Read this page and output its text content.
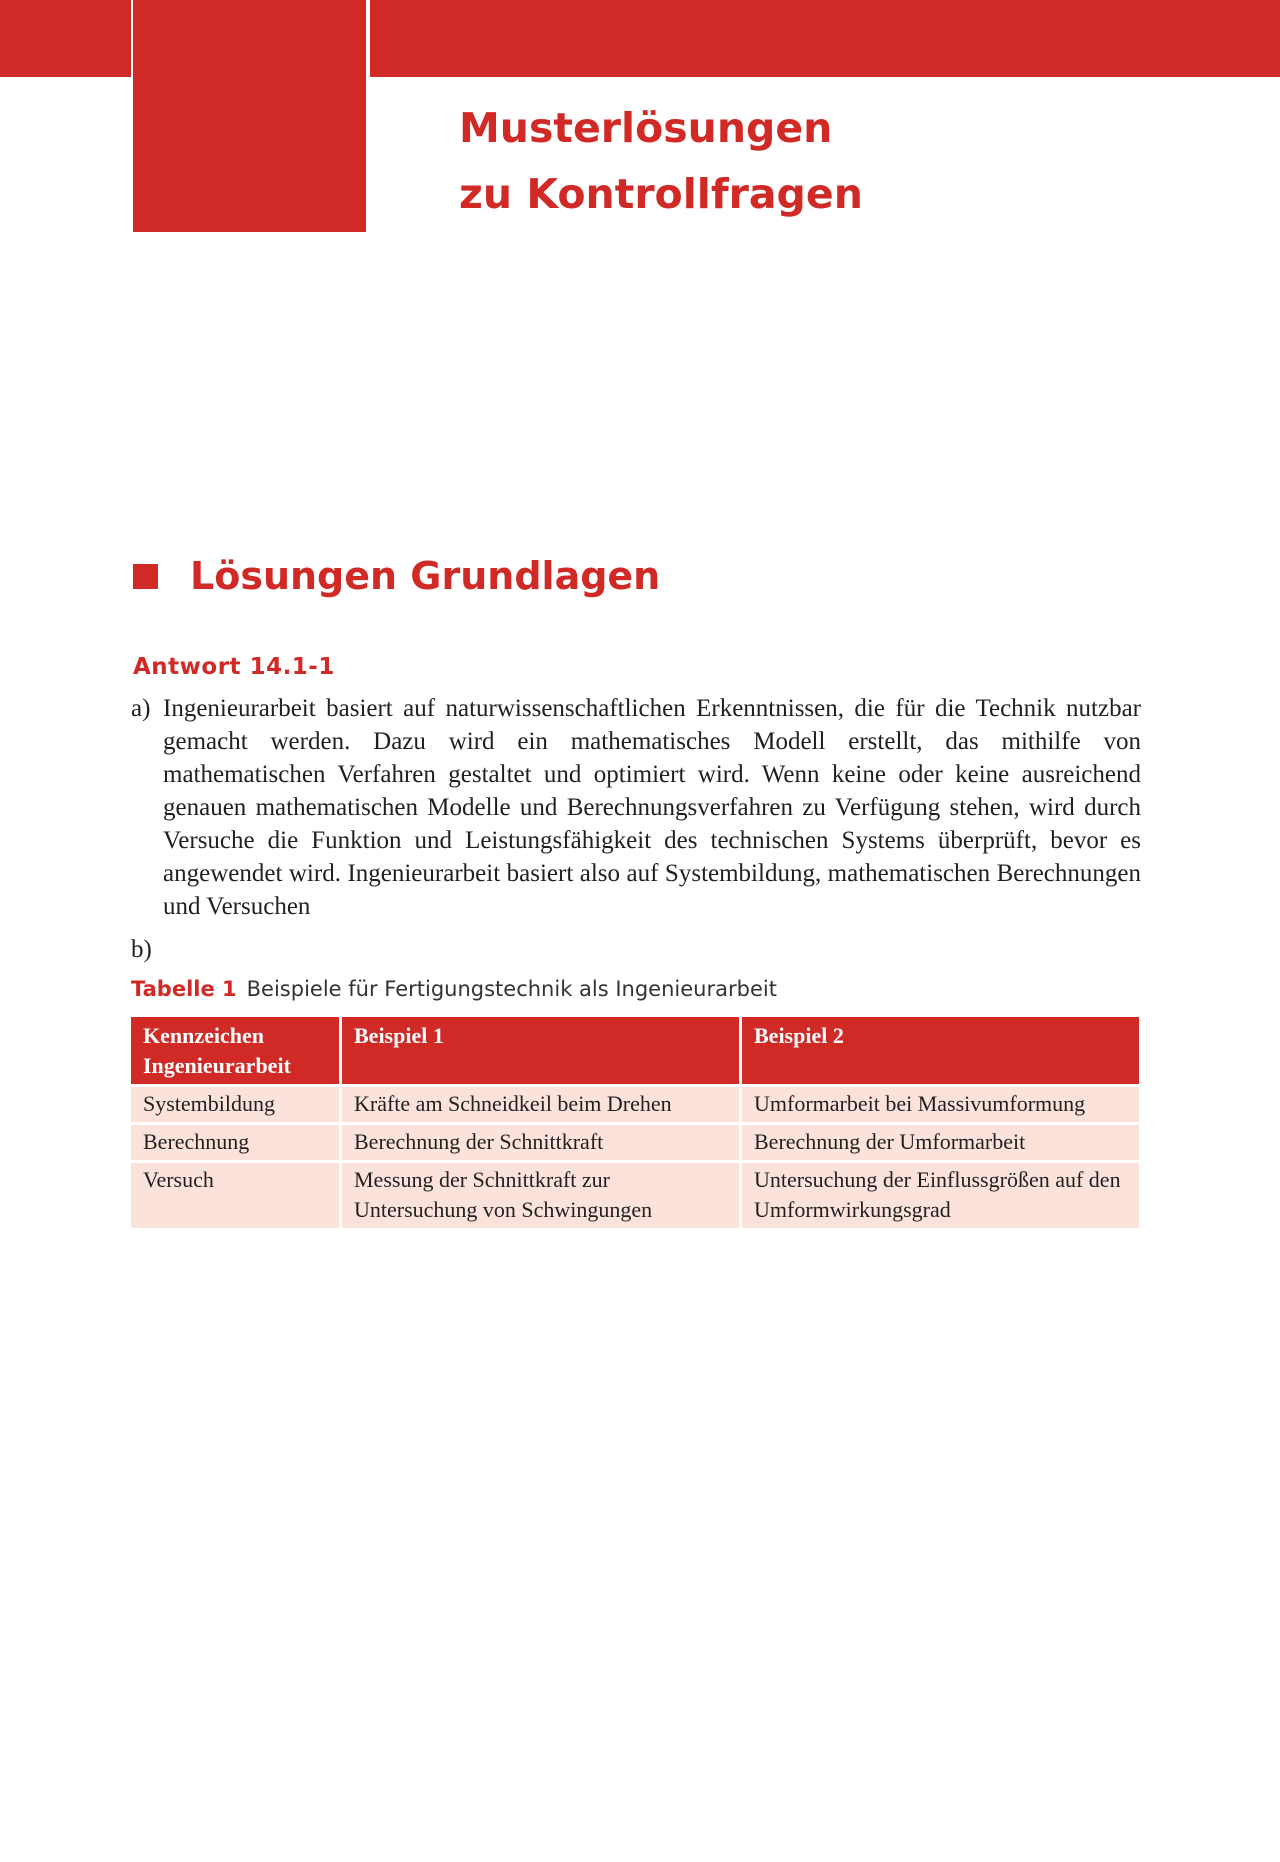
Musterlösungen
zu Kontrollfragen
Lösungen Grundlagen
Antwort 14.1-1
a) Ingenieurarbeit basiert auf naturwissenschaftlichen Erkenntnissen, die für die Technik nutzbar gemacht werden. Dazu wird ein mathematisches Modell erstellt, das mithilfe von mathematischen Verfahren gestaltet und optimiert wird. Wenn keine oder keine ausreichend genauen mathematischen Modelle und Berechnungsverfahren zu Verfügung stehen, wird durch Versuche die Funktion und Leistungsfähigkeit des technischen Systems überprüft, bevor es angewendet wird. Ingenieurarbeit basiert also auf Systembildung, mathematischen Berechnungen und Versuchen
b)
Tabelle 1 Beispiele für Fertigungstechnik als Ingenieurarbeit
Kennzeichen Ingenieurarbeit	Beispiel 1	Beispiel 2
Systembildung	Kräfte am Schneidkeil beim Drehen	Umformarbeit bei Massivumformung
Berechnung	Berechnung der Schnittkraft	Berechnung der Umformarbeit
Versuch	Messung der Schnittkraft zur Untersuchung von Schwingungen	Untersuchung der Einflussgrößen auf den Umformwirkungsgrad
